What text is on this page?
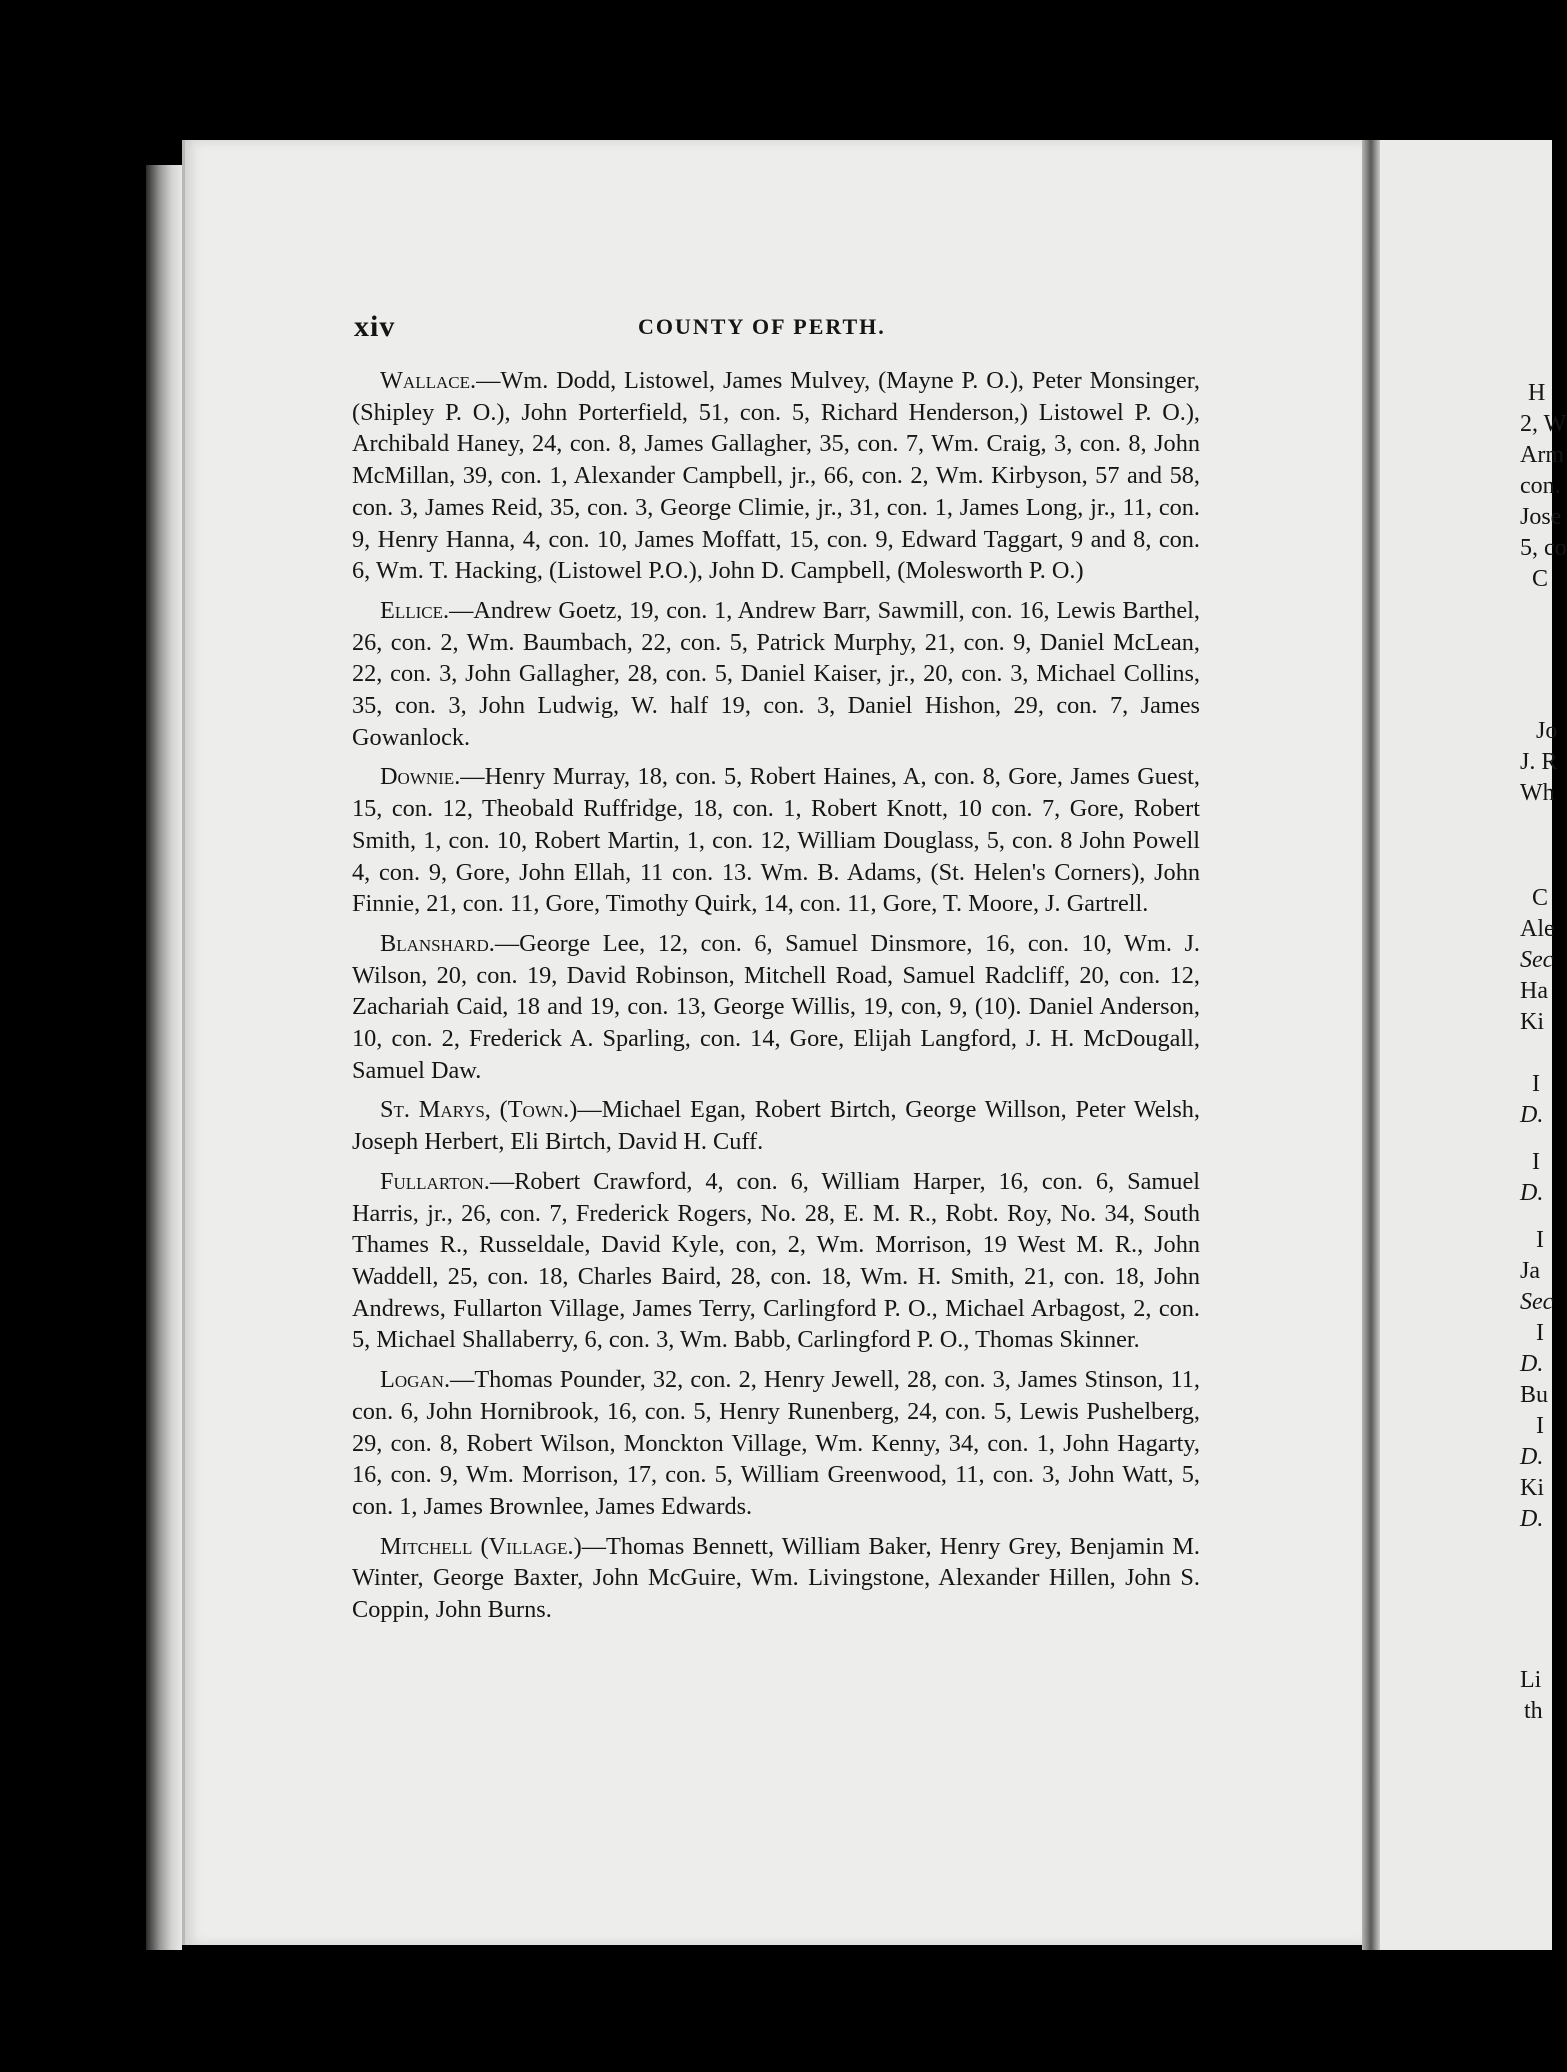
xiv	COUNTY OF PERTH.

Wallace.—Wm. Dodd, Listowel, James Mulvey, (Mayne P. O.), Peter Monsinger, (Shipley P. O.), John Porterfield, 51, con. 5, Richard Henderson,) Listowel P. O.), Archibald Haney, 24, con. 8, James Gallagher, 35, con. 7, Wm. Craig, 3, con. 8, John McMillan, 39, con. 1, Alexander Campbell, jr., 66, con. 2, Wm. Kirbyson, 57 and 58, con. 3, James Reid, 35, con. 3, George Climie, jr., 31, con. 1, James Long, jr., 11, con. 9, Henry Hanna, 4, con. 10, James Moffatt, 15, con. 9, Edward Taggart, 9 and 8, con. 6, Wm. T. Hacking, (Listowel P.O.), John D. Campbell, (Molesworth P. O.)

Ellice.—Andrew Goetz, 19, con. 1, Andrew Barr, Sawmill, con. 16, Lewis Barthel, 26, con. 2, Wm. Baumbach, 22, con. 5, Patrick Murphy, 21, con. 9, Daniel McLean, 22, con. 3, John Gallagher, 28, con. 5, Daniel Kaiser, jr., 20, con. 3, Michael Collins, 35, con. 3, John Ludwig, W. half 19, con. 3, Daniel Hishon, 29, con. 7, James Gowanlock.

Downie.—Henry Murray, 18, con. 5, Robert Haines, A, con. 8, Gore, James Guest, 15, con. 12, Theobald Ruffridge, 18, con. 1, Robert Knott, 10 con. 7, Gore, Robert Smith, 1, con. 10, Robert Martin, 1, con. 12, William Douglass, 5, con. 8 John Powell 4, con. 9, Gore, John Ellah, 11 con. 13. Wm. B. Adams, (St. Helen's Corners), John Finnie, 21, con. 11, Gore, Timothy Quirk, 14, con. 11, Gore, T. Moore, J. Gartrell.

Blanshard.—George Lee, 12, con. 6, Samuel Dinsmore, 16, con. 10, Wm. J. Wilson, 20, con. 19, David Robinson, Mitchell Road, Samuel Radcliff, 20, con. 12, Zachariah Caid, 18 and 19, con. 13, George Willis, 19, con, 9, (10). Daniel Anderson, 10, con. 2, Frederick A. Sparling, con. 14, Gore, Elijah Langford, J. H. McDougall, Samuel Daw.

St. Marys, (Town.)—Michael Egan, Robert Birtch, George Willson, Peter Welsh, Joseph Herbert, Eli Birtch, David H. Cuff.

Fullarton.—Robert Crawford, 4, con. 6, William Harper, 16, con. 6, Samuel Harris, jr., 26, con. 7, Frederick Rogers, No. 28, E. M. R., Robt. Roy, No. 34, South Thames R., Russeldale, David Kyle, con, 2, Wm. Morrison, 19 West M. R., John Waddell, 25, con. 18, Charles Baird, 28, con. 18, Wm. H. Smith, 21, con. 18, John Andrews, Fullarton Village, James Terry, Carlingford P. O., Michael Arbagost, 2, con. 5, Michael Shallaberry, 6, con. 3, Wm. Babb, Carlingford P. O., Thomas Skinner.

Logan.—Thomas Pounder, 32, con. 2, Henry Jewell, 28, con. 3, James Stinson, 11, con. 6, John Hornibrook, 16, con. 5, Henry Runenberg, 24, con. 5, Lewis Pushelberg, 29, con. 8, Robert Wilson, Monckton Village, Wm. Kenny, 34, con. 1, John Hagarty, 16, con. 9, Wm. Morrison, 17, con. 5, William Greenwood, 11, con. 3, John Watt, 5, con. 1, James Brownlee, James Edwards.

Mitchell (Village.)—Thomas Bennett, William Baker, Henry Grey, Benjamin M. Winter, George Baxter, John McGuire, Wm. Livingstone, Alexander Hillen, John S. Coppin, John Burns.

H
2, W
Arm
con.
Jose
5, co
C
Jo
J. R
Wh
C
Ale
Sec
Ha
Ki
I
D.
I
D.
I
Ja
Sec
I
D.
Bu
I
D.
Ki
D.
Li
th
